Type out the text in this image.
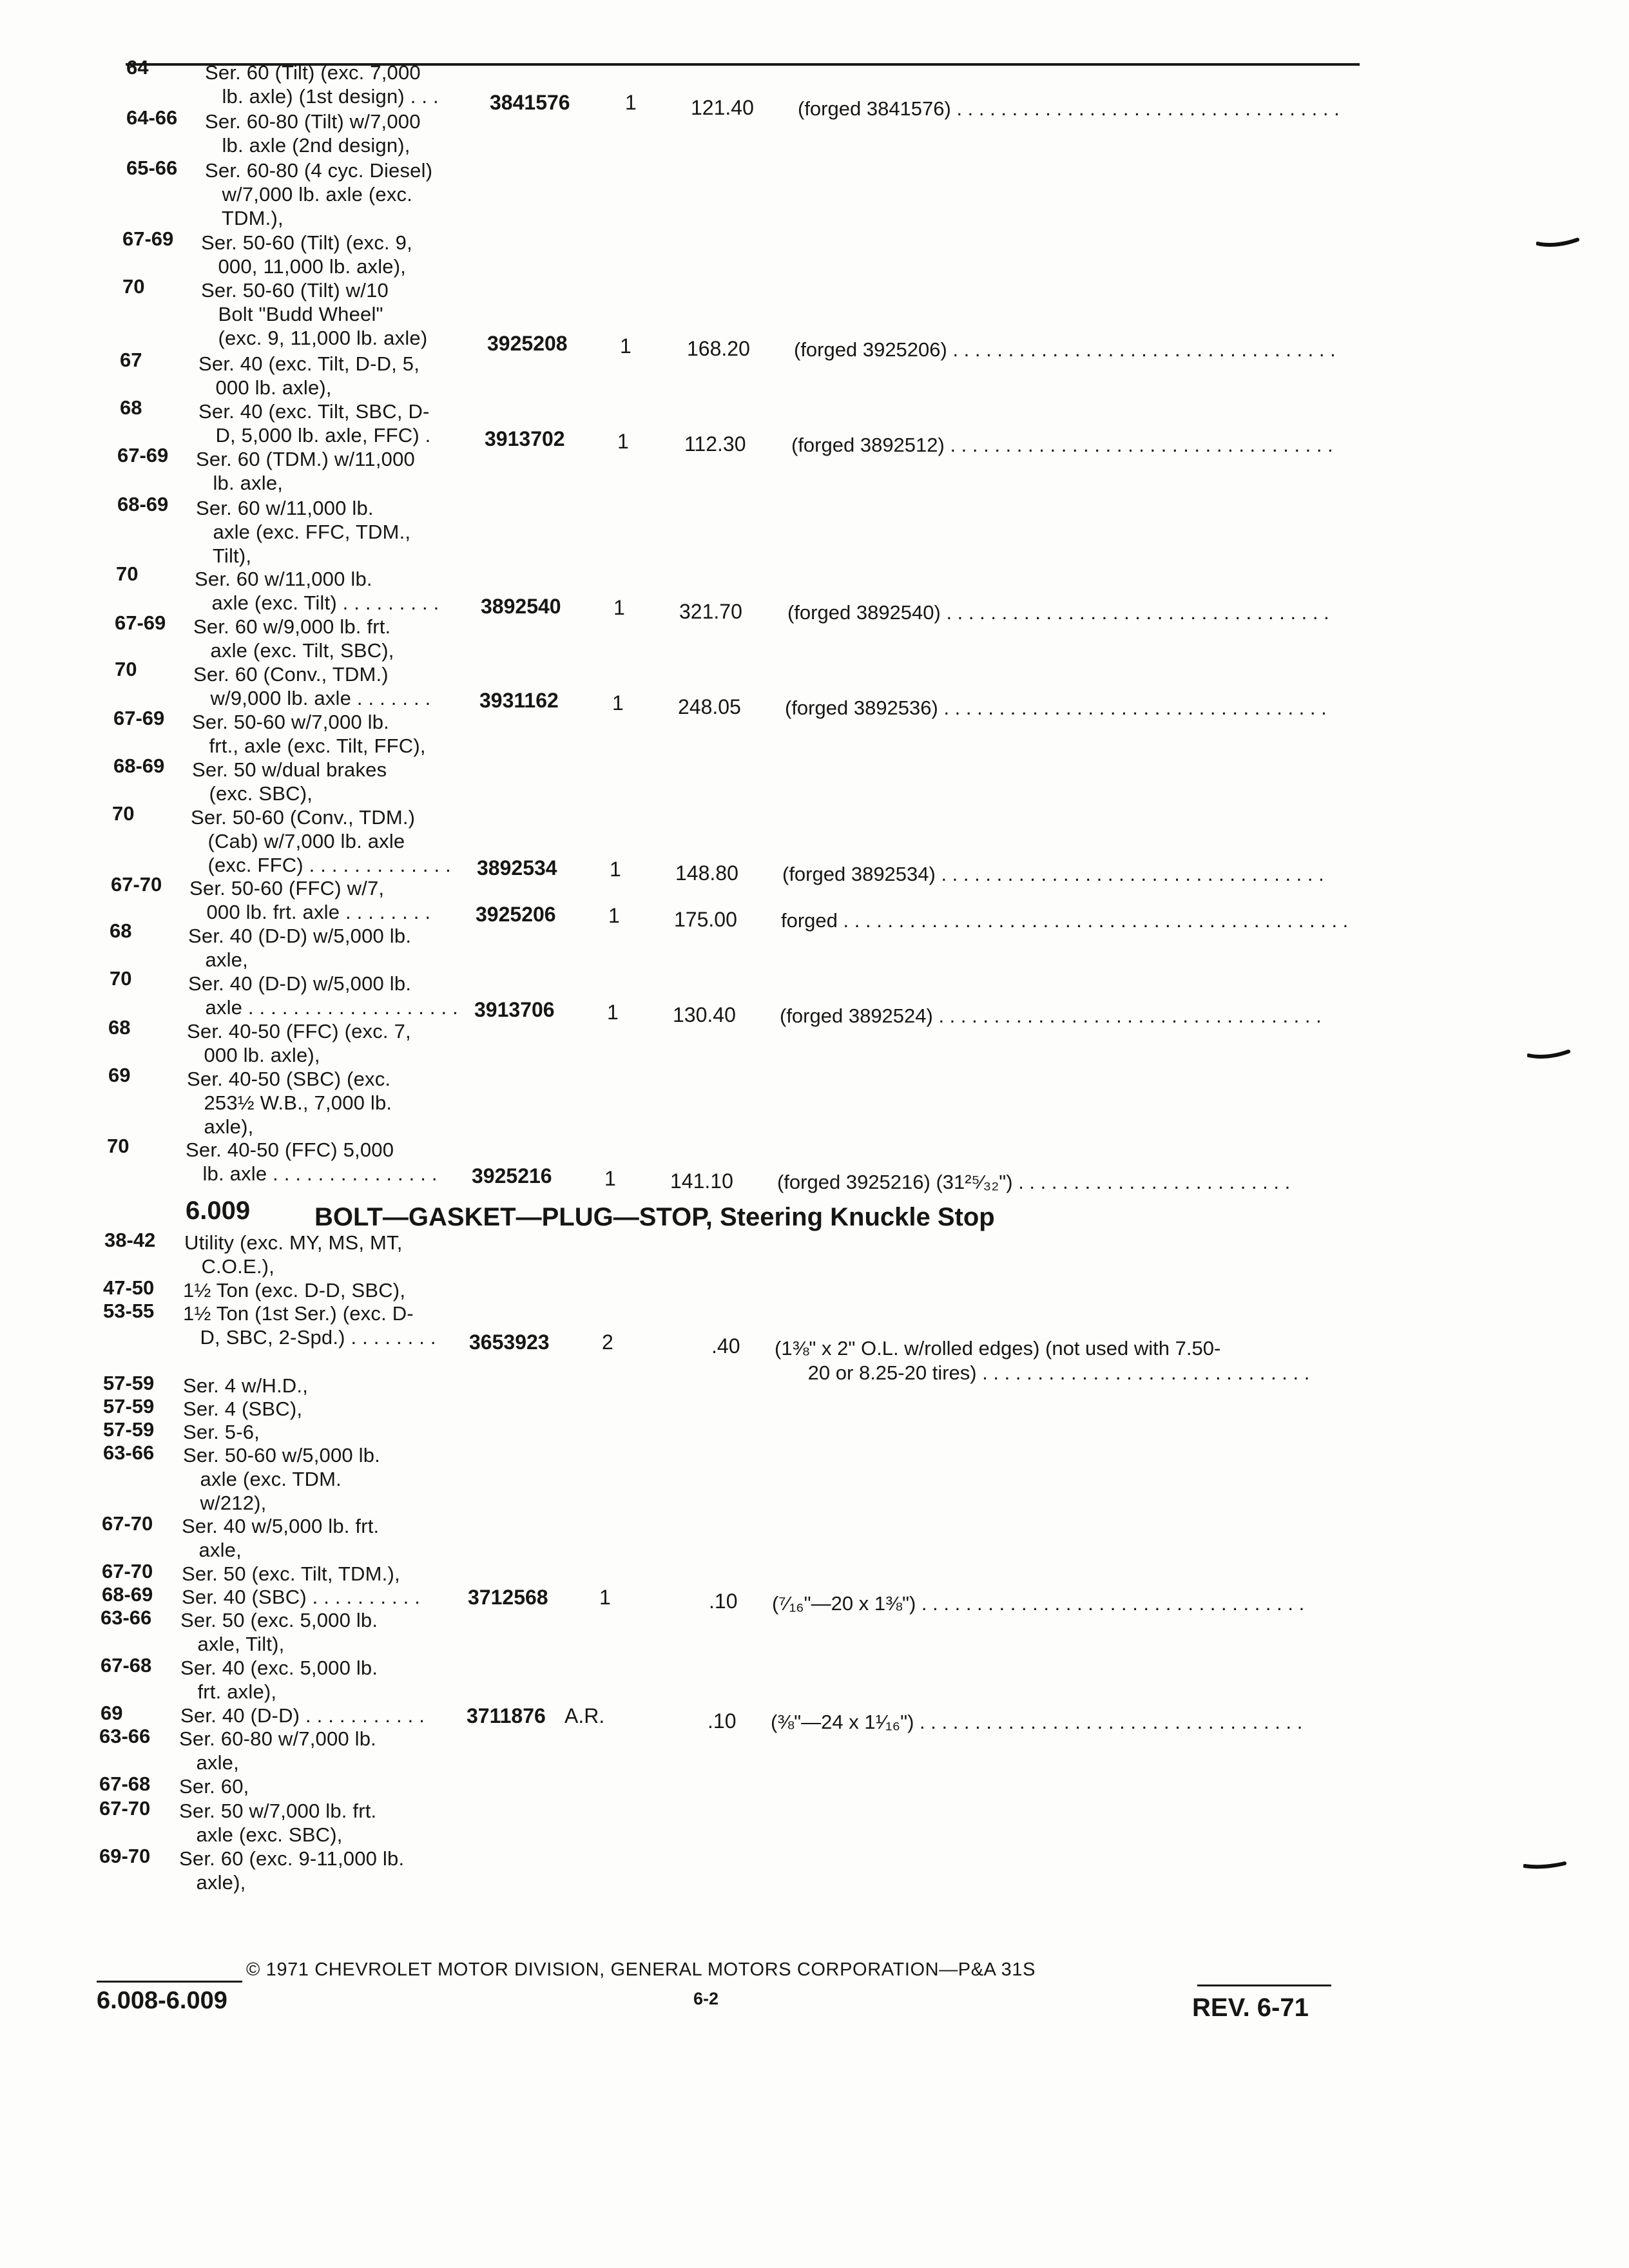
64	Ser. 60 (Tilt) (exc. 7,000
lb. axle) (1st design) . . . 3841576	1	121.40 (forged 3841576) . . . . . . . . . . . . . . . . . . . . . . . . . . . . . . . . . . .
64-66 Ser. 60-80 (Tilt) w/7,000
lb. axle (2nd design),
65-66 Ser. 60-80 (4 cyc. Diesel)
w/7,000 lb. axle (exc.
TDM.),
67-69 Ser. 50-60 (Tilt) (exc. 9,
000, 11,000 lb. axle),
70	Ser. 50-60 (Tilt) w/10
Bolt "Budd Wheel"
(exc. 9, 11,000 lb. axle)	3925208	1	168.20 (forged 3925206) . . . . . . . . . . . . . . . . . . . . . . . . . . . . . . . . . . .
67	Ser. 40 (exc. Tilt, D-D, 5,
000 lb. axle),
68	Ser. 40 (exc. Tilt, SBC, D-
D, 5,000 lb. axle, FFC) .	3913702	1	112.30 (forged 3892512) . . . . . . . . . . . . . . . . . . . . . . . . . . . . . . . . . . .
67-69 Ser. 60 (TDM.) w/11,000
lb. axle,
68-69 Ser. 60 w/11,000 lb.
axle (exc. FFC, TDM.,
Tilt),
70	Ser. 60 w/11,000 lb.
axle (exc. Tilt) . . . . . . . . . 3892540	1	321.70 (forged 3892540) . . . . . . . . . . . . . . . . . . . . . . . . . . . . . . . . . . .
67-69 Ser. 60 w/9,000 lb. frt.
axle (exc. Tilt, SBC),
70	Ser. 60 (Conv., TDM.)
w/9,000 lb. axle . . . . . . . 3931162	1	248.05 (forged 3892536) . . . . . . . . . . . . . . . . . . . . . . . . . . . . . . . . . . .
67-69 Ser. 50-60 w/7,000 lb.
frt., axle (exc. Tilt, FFC),
68-69 Ser. 50 w/dual brakes
(exc. SBC),
70	Ser. 50-60 (Conv., TDM.)
(Cab) w/7,000 lb. axle
(exc. FFC) . . . . . . . . . . . . . 3892534	1	148.80 (forged 3892534) . . . . . . . . . . . . . . . . . . . . . . . . . . . . . . . . . . .
67-70 Ser. 50-60 (FFC) w/7,
000 lb. frt. axle . . . . . . . . 3925206	1	175.00 forged . . . . . . . . . . . . . . . . . . . . . . . . . . . . . . . . . . . . . . . . . . . . . .
68	Ser. 40 (D-D) w/5,000 lb.
axle,
70	Ser. 40 (D-D) w/5,000 lb.
axle . . . . . . . . . . . . . . . . . . . 3913706	1	130.40 (forged 3892524) . . . . . . . . . . . . . . . . . . . . . . . . . . . . . . . . . . .
68	Ser. 40-50 (FFC) (exc. 7,
000 lb. axle),
69	Ser. 40-50 (SBC) (exc.
253½ W.B., 7,000 lb.
axle),
70	Ser. 40-50 (FFC) 5,000
lb. axle . . . . . . . . . . . . . . . 3925216	1	141.10 (forged 3925216) (31²⁵⁄₃₂") . . . . . . . . . . . . . . . . . . . . . . . . .
6.009 BOLT—GASKET—PLUG—STOP, Steering Knuckle Stop
38-42 Utility (exc. MY, MS, MT,
C.O.E.),
47-50 1½ Ton (exc. D-D, SBC),
53-55 1½ Ton (1st Ser.) (exc. D-
D, SBC, 2-Spd.) . . . . . . . . 3653923	2	.40 (1⅜" x 2" O.L. w/rolled edges) (not used with 7.50-
20 or 8.25-20 tires) . . . . . . . . . . . . . . . . . . . . . . . . . . . . . .
57-59 Ser. 4 w/H.D.,
57-59 Ser. 4 (SBC),
57-59 Ser. 5-6,
63-66 Ser. 50-60 w/5,000 lb.
axle (exc. TDM.
w/212),
67-70 Ser. 40 w/5,000 lb. frt.
axle,
67-70 Ser. 50 (exc. Tilt, TDM.),
68-69 Ser. 40 (SBC) . . . . . . . . . . 3712568 1	.10 (⁷⁄₁₆"—20 x 1⅜") . . . . . . . . . . . . . . . . . . . . . . . . . . . . . . . . . . .
63-66 Ser. 50 (exc. 5,000 lb.
axle, Tilt),
67-68 Ser. 40 (exc. 5,000 lb.
frt. axle),
69	Ser. 40 (D-D) . . . . . . . . . . . 3711876 A.R.	.10 (⅜"—24 x 1¹⁄₁₆") . . . . . . . . . . . . . . . . . . . . . . . . . . . . . . . . . . .
63-66 Ser. 60-80 w/7,000 lb.
axle,
67-68 Ser. 60,
67-70 Ser. 50 w/7,000 lb. frt.
axle (exc. SBC),
69-70 Ser. 60 (exc. 9-11,000 lb.
axle),
© 1971 CHEVROLET MOTOR DIVISION, GENERAL MOTORS CORPORATION—P&A 31S
6.008-6.009	6-2	REV. 6-71
